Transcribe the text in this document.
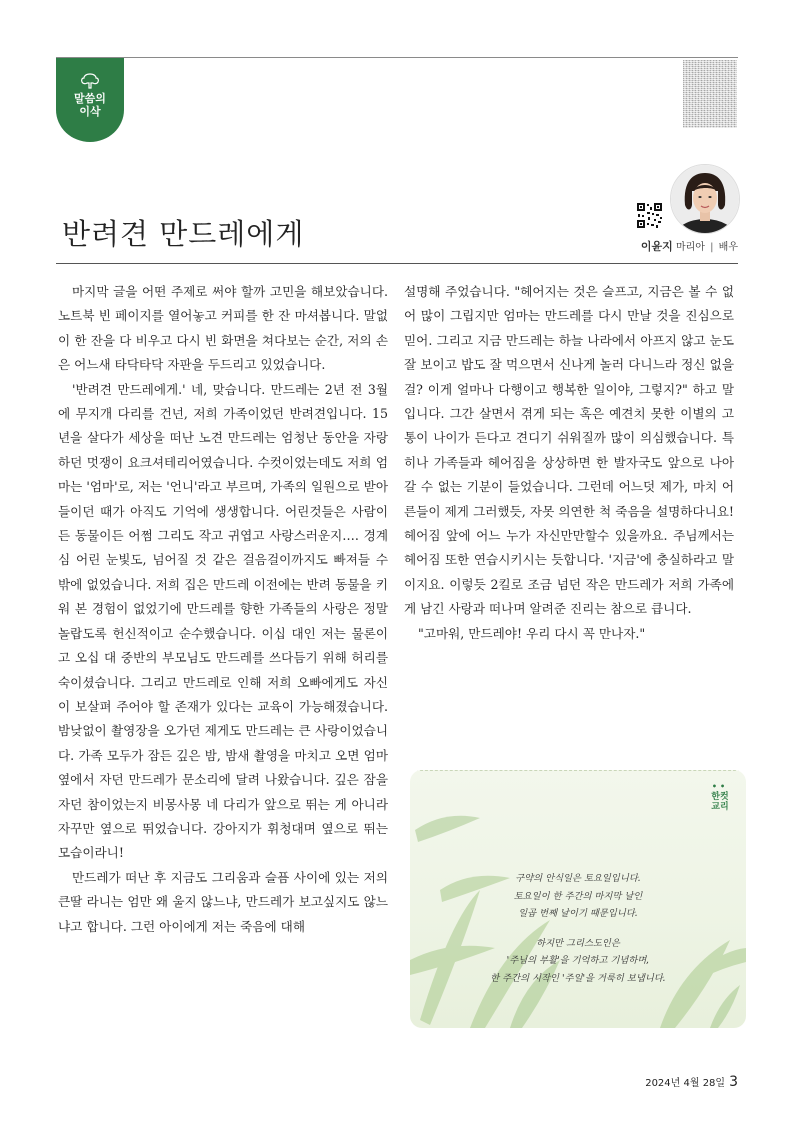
말씀의
이삭
반려견 만드레에게	이윤지 마리아 | 배우

마지막 글을 어떤 주제로 써야 할까 고민을 해보았습니다. 노트북 빈 페이지를 열어놓고 커피를 한 잔 마셔봅니다. 말없이 한 잔을 다 비우고 다시 빈 화면을 쳐다보는 순간, 저의 손은 어느새 타닥타닥 자판을 두드리고 있었습니다.

'반려견 만드레에게.' 네, 맞습니다. 만드레는 2년 전 3월에 무지개 다리를 건넌, 저희 가족이었던 반려견입니다. 15년을 살다가 세상을 떠난 노견 만드레는 엄청난 동안을 자랑하던 멋쟁이 요크셔테리어였습니다. 수컷이었는데도 저희 엄마는 '엄마'로, 저는 '언니'라고 부르며, 가족의 일원으로 받아들이던 때가 아직도 기억에 생생합니다. 어린것들은 사람이든 동물이든 어쩜 그리도 작고 귀엽고 사랑스러운지…. 경계심 어린 눈빛도, 넘어질 것 같은 걸음걸이까지도 빠져들 수 밖에 없었습니다. 저희 집은 만드레 이전에는 반려 동물을 키워 본 경험이 없었기에 만드레를 향한 가족들의 사랑은 정말 놀랍도록 헌신적이고 순수했습니다. 이십 대인 저는 물론이고 오십 대 중반의 부모님도 만드레를 쓰다듬기 위해 허리를 숙이셨습니다. 그리고 만드레로 인해 저희 오빠에게도 자신이 보살펴 주어야 할 존재가 있다는 교육이 가능해졌습니다. 밤낮없이 촬영장을 오가던 제게도 만드레는 큰 사랑이었습니다. 가족 모두가 잠든 깊은 밤, 밤새 촬영을 마치고 오면 엄마 옆에서 자던 만드레가 문소리에 달려 나왔습니다. 깊은 잠을 자던 참이었는지 비몽사몽 네 다리가 앞으로 뛰는 게 아니라 자꾸만 옆으로 뛰었습니다. 강아지가 휘청대며 옆으로 뛰는 모습이라니!

만드레가 떠난 후 지금도 그리움과 슬픔 사이에 있는 저의 큰딸 라니는 엄만 왜 울지 않느냐, 만드레가 보고싶지도 않느냐고 합니다. 그런 아이에게 저는 죽음에 대해

설명해 주었습니다. "헤어지는 것은 슬프고, 지금은 볼 수 없어 많이 그립지만 엄마는 만드레를 다시 만날 것을 진심으로 믿어. 그리고 지금 만드레는 하늘 나라에서 아프지 않고 눈도 잘 보이고 밥도 잘 먹으면서 신나게 놀러 다니느라 정신 없을 걸? 이게 얼마나 다행이고 행복한 일이야, 그렇지?" 하고 말입니다. 그간 살면서 겪게 되는 혹은 예견치 못한 이별의 고통이 나이가 든다고 견디기 쉬워질까 많이 의심했습니다. 특히나 가족들과 헤어짐을 상상하면 한 발자국도 앞으로 나아갈 수 없는 기분이 들었습니다. 그런데 어느덧 제가, 마치 어른들이 제게 그러했듯, 자못 의연한 척 죽음을 설명하다니요! 헤어짐 앞에 어느 누가 자신만만할수 있을까요. 주님께서는 헤어짐 또한 연습시키시는 듯합니다. '지금'에 충실하라고 말이지요. 이렇듯 2킬로 조금 넘던 작은 만드레가 저희 가족에게 남긴 사랑과 떠나며 알려준 진리는 참으로 큽니다.

"고마워, 만드레야! 우리 다시 꼭 만나자."

••
한컷
교리
구약의 안식일은 토요일입니다.
토요일이 한 주간의 마지막 날인
일곱 번째 날이기 때문입니다.
하지만 그리스도인은
'주님의 부활'을 기억하고 기념하며,
한 주간의 시작인 '주일'을 거룩히 보냅니다.
2024년 4월 28일 3
